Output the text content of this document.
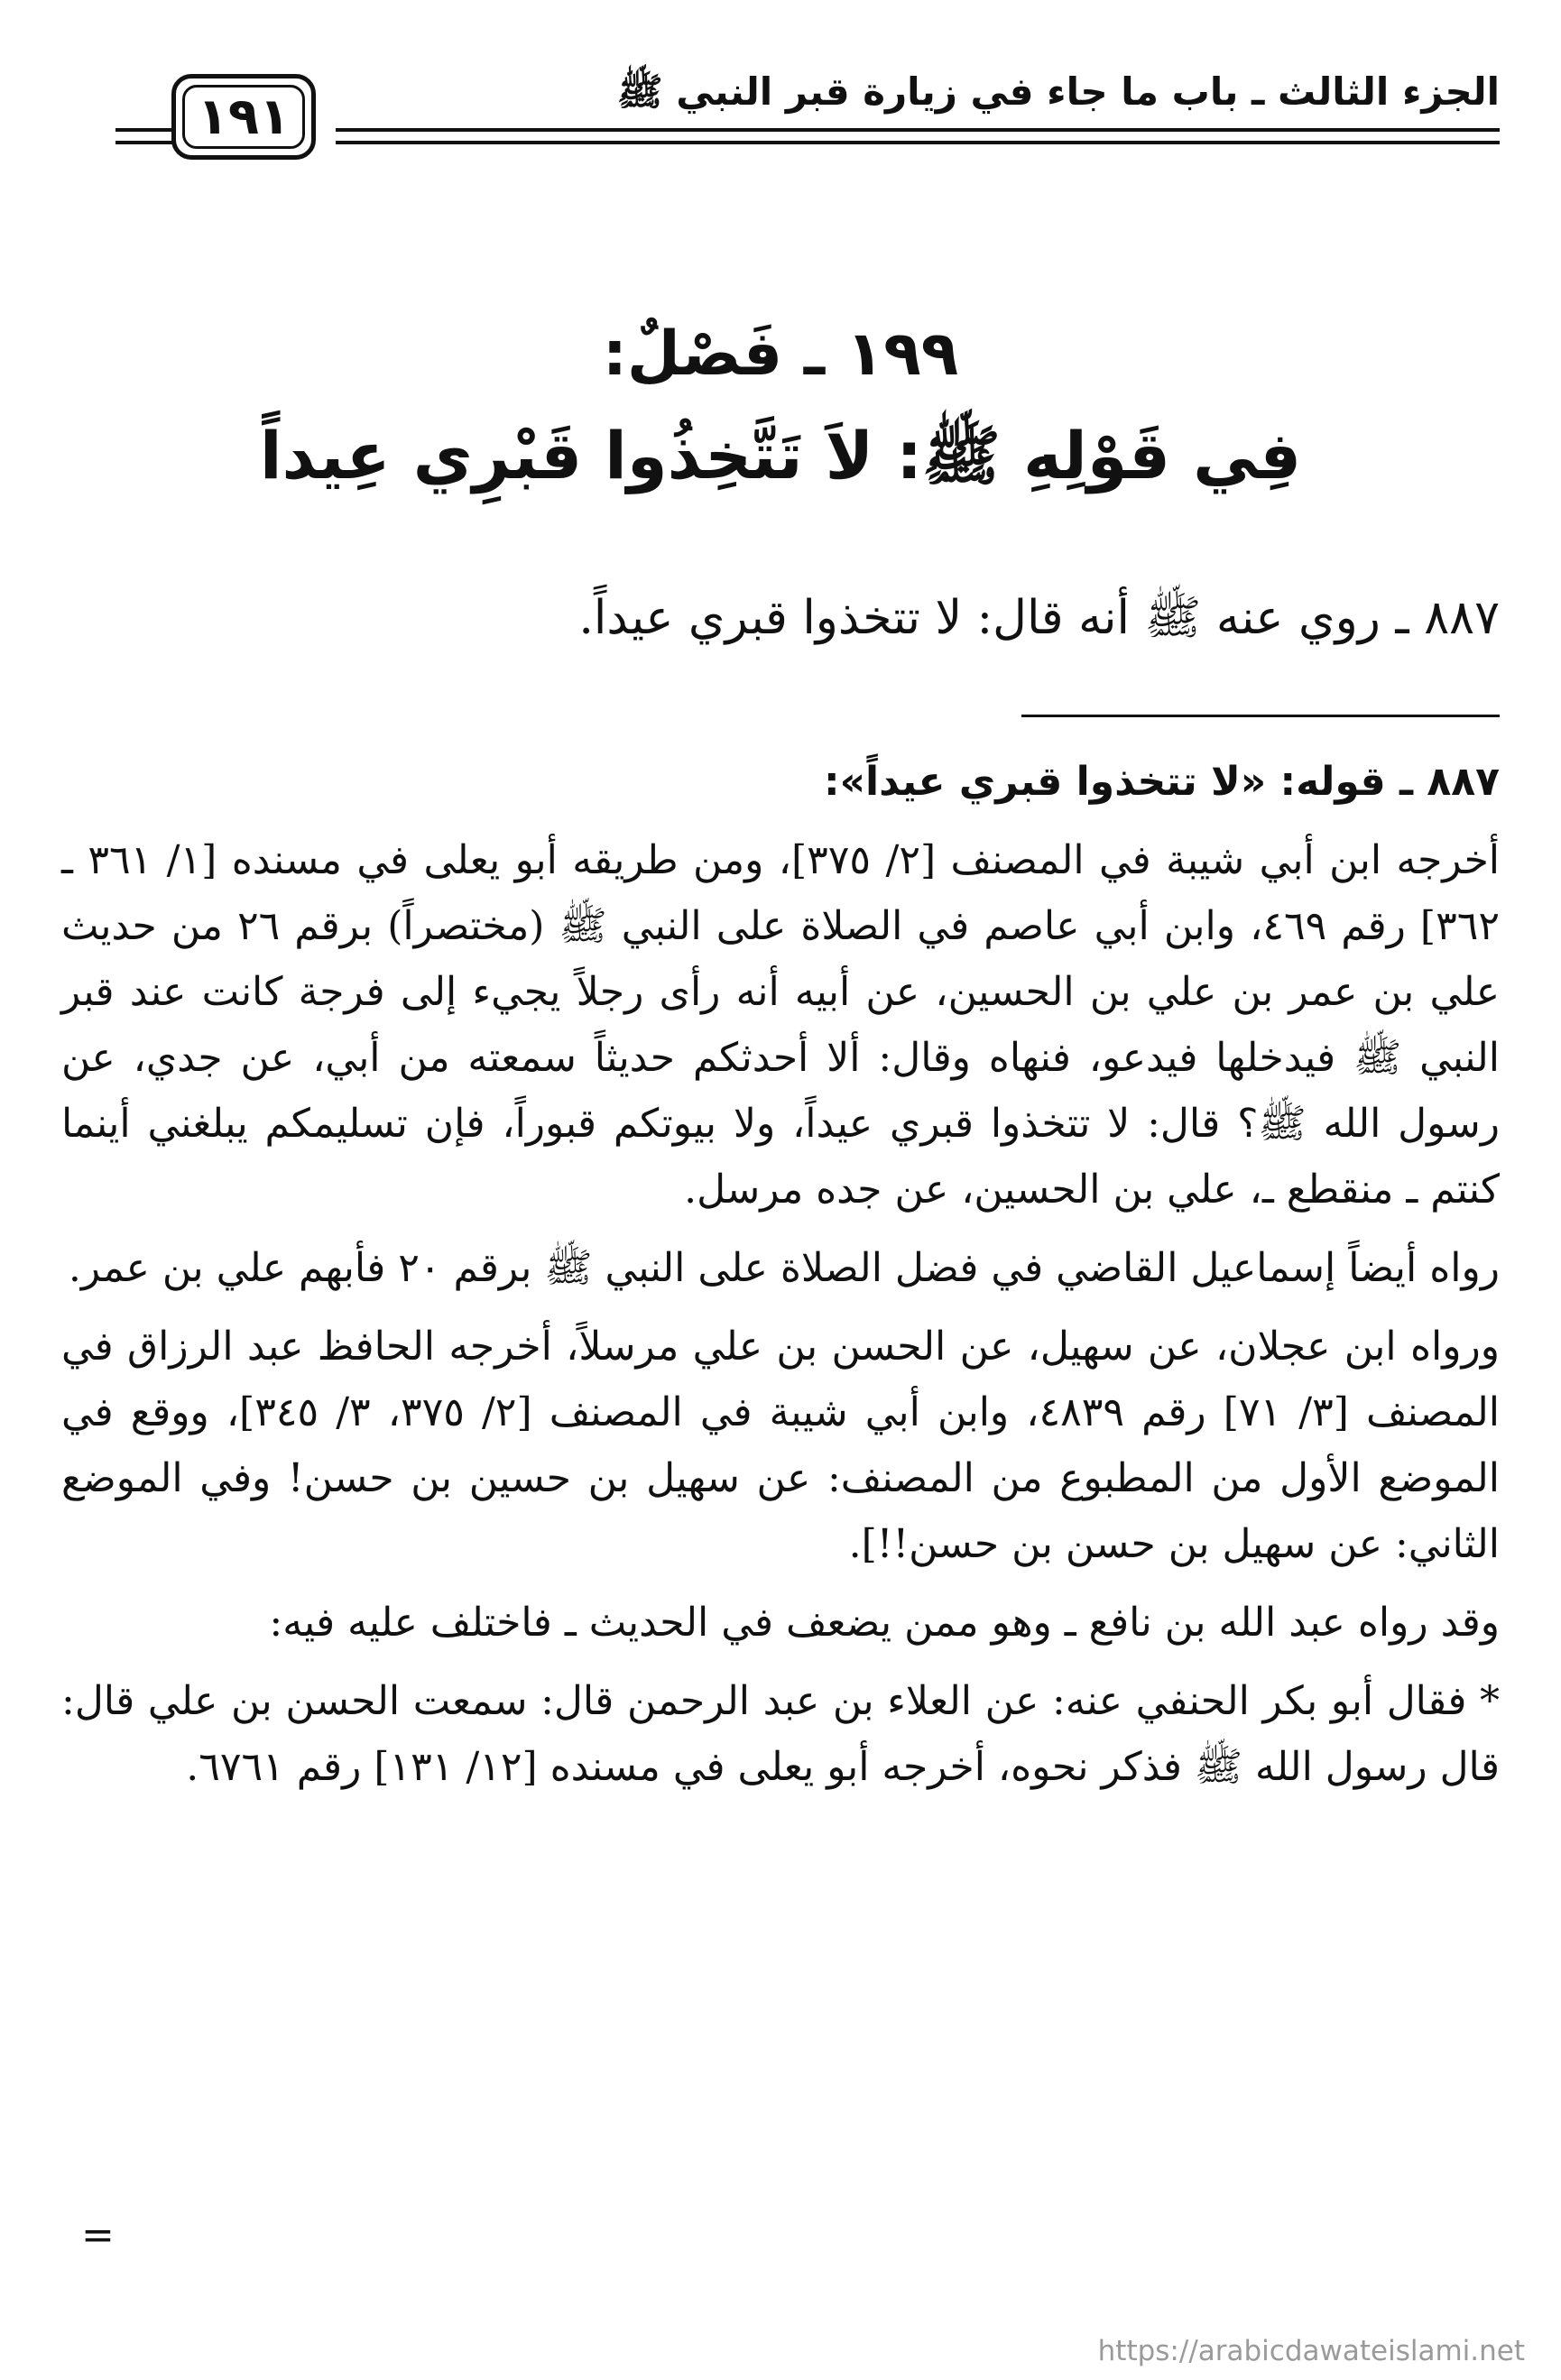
الجزء الثالث ـ باب ما جاء في زيارة قبر النبي ﷺ
١٩١
١٩٩ ـ فَصْلٌ:
فِي قَوْلِهِ ﷺ: لاَ تَتَّخِذُوا قَبْرِي عِيداً
٨٨٧ ـ روي عنه ﷺ أنه قال: لا تتخذوا قبري عيداً.

٨٨٧ ـ قوله: «لا تتخذوا قبري عيداً»:

أخرجه ابن أبي شيبة في المصنف [٢/ ٣٧٥]، ومن طريقه أبو يعلى في مسنده [١/ ٣٦١ ـ ٣٦٢] رقم ٤٦٩، وابن أبي عاصم في الصلاة على النبي ﷺ (مختصراً) برقم ٢٦ من حديث علي بن عمر بن علي بن الحسين، عن أبيه أنه رأى رجلاً يجيء إلى فرجة كانت عند قبر النبي ﷺ فيدخلها فيدعو، فنهاه وقال: ألا أحدثكم حديثاً سمعته من أبي، عن جدي، عن رسول الله ﷺ؟ قال: لا تتخذوا قبري عيداً، ولا بيوتكم قبوراً، فإن تسليمكم يبلغني أينما كنتم ـ منقطع ـ، علي بن الحسين، عن جده مرسل.

رواه أيضاً إسماعيل القاضي في فضل الصلاة على النبي ﷺ برقم ٢٠ فأبهم علي بن عمر.

ورواه ابن عجلان، عن سهيل، عن الحسن بن علي مرسلاً، أخرجه الحافظ عبد الرزاق في المصنف [٣/ ٧١] رقم ٤٨٣٩، وابن أبي شيبة في المصنف [٢/ ٣٧٥، ٣/ ٣٤٥]، ووقع في الموضع الأول من المطبوع من المصنف: عن سهيل بن حسين بن حسن! وفي الموضع الثاني: عن سهيل بن حسن بن حسن!!].

وقد رواه عبد الله بن نافع ـ وهو ممن يضعف في الحديث ـ فاختلف عليه فيه:

* فقال أبو بكر الحنفي عنه: عن العلاء بن عبد الرحمن قال: سمعت الحسن بن علي قال: قال رسول الله ﷺ فذكر نحوه، أخرجه أبو يعلى في مسنده [١٢/ ١٣١] رقم ٦٧٦١.

=
https://arabicdawateislami.net
